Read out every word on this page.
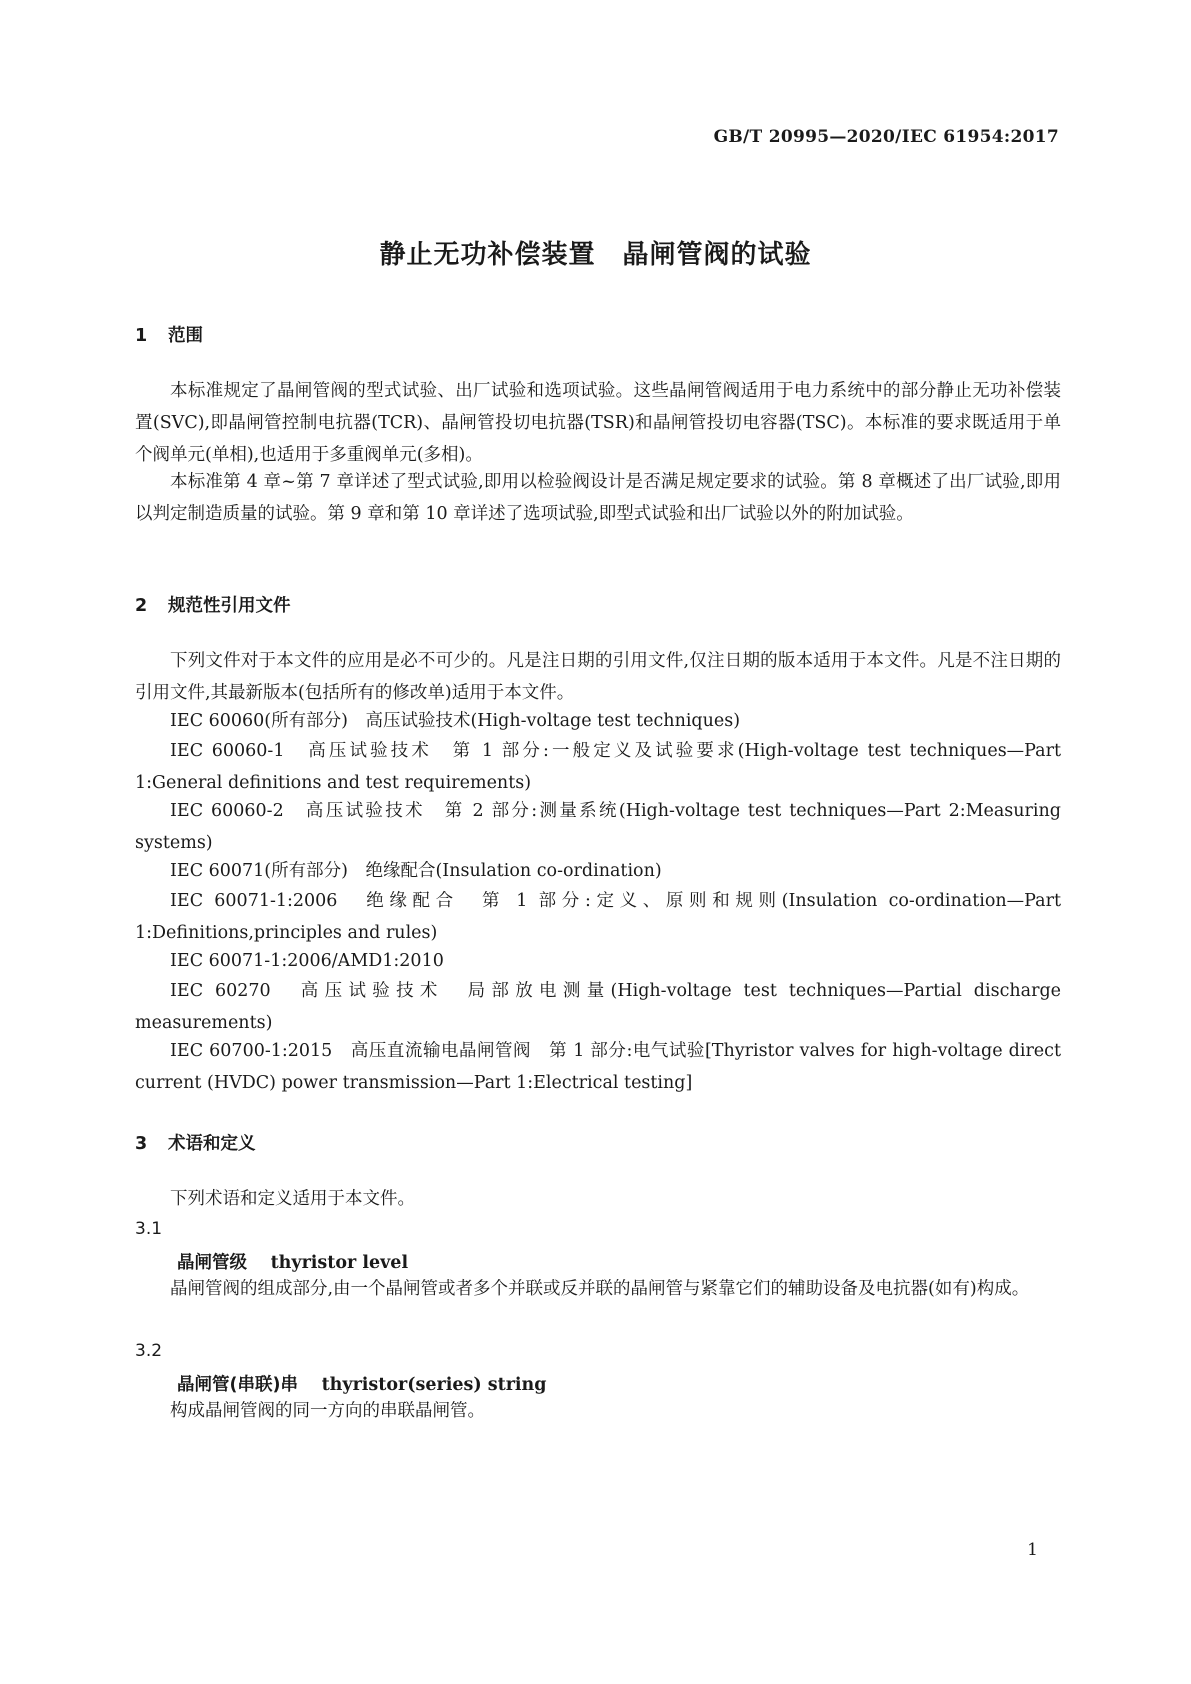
GB/T 20995—2020/IEC 61954:2017
静止无功补偿装置　晶闸管阀的试验
1 范围
本标准规定了晶闸管阀的型式试验、出厂试验和选项试验。这些晶闸管阀适用于电力系统中的部分静止无功补偿装置(SVC),即晶闸管控制电抗器(TCR)、晶闸管投切电抗器(TSR)和晶闸管投切电容器(TSC)。本标准的要求既适用于单个阀单元(单相),也适用于多重阀单元(多相)。
本标准第 4 章~第 7 章详述了型式试验,即用以检验阀设计是否满足规定要求的试验。第 8 章概述了出厂试验,即用以判定制造质量的试验。第 9 章和第 10 章详述了选项试验,即型式试验和出厂试验以外的附加试验。
2 规范性引用文件
下列文件对于本文件的应用是必不可少的。凡是注日期的引用文件,仅注日期的版本适用于本文件。凡是不注日期的引用文件,其最新版本(包括所有的修改单)适用于本文件。
IEC 60060(所有部分)　高压试验技术(High-voltage test techniques)
IEC 60060-1　高压试验技术　第 1 部分:一般定义及试验要求(High-voltage test techniques—Part 1:General definitions and test requirements)
IEC 60060-2　高压试验技术　第 2 部分:测量系统(High-voltage test techniques—Part 2:Measuring systems)
IEC 60071(所有部分)　绝缘配合(Insulation co-ordination)
IEC 60071-1:2006　绝缘配合　第 1 部分:定义、原则和规则(Insulation co-ordination—Part 1:Definitions,principles and rules)
IEC 60071-1:2006/AMD1:2010
IEC 60270　高压试验技术　局部放电测量(High-voltage test techniques—Partial discharge measurements)
IEC 60700-1:2015　高压直流输电晶闸管阀　第 1 部分:电气试验[Thyristor valves for high-voltage direct current (HVDC) power transmission—Part 1:Electrical testing]
3 术语和定义
下列术语和定义适用于本文件。
3.1
晶闸管级　 thyristor level
晶闸管阀的组成部分,由一个晶闸管或者多个并联或反并联的晶闸管与紧靠它们的辅助设备及电抗器(如有)构成。
3.2
晶闸管(串联)串　 thyristor(series) string
构成晶闸管阀的同一方向的串联晶闸管。
1
